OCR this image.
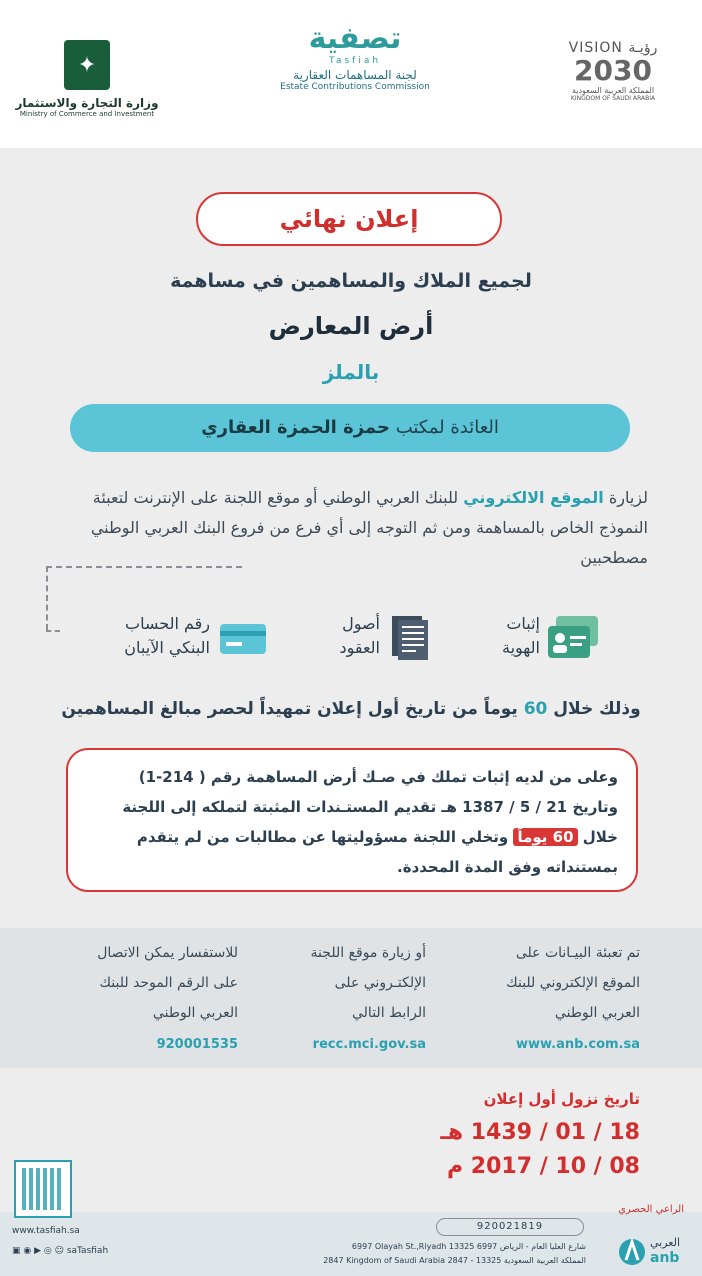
✦
وزارة التجارة والاستثمار
Ministry of Commerce and Investment
تصفية
Tasfiah
لجنة المساهمات العقارية
Estate Contributions Commission
VISION رؤيـة
2030
المملكة العربية السعودية
KINGDOM OF SAUDI ARABIA
إعلان نهائي
لجميع الملاك والمساهمين في مساهمة
أرض المعارض
بالملز
العائدة لمكتب حمزة الحمزة العقاري
لزيارة الموقع الالكتروني للبنك العربي الوطني أو موقع اللجنة على الإنترنت لتعبئة النموذج الخاص بالمساهمة ومن ثم التوجه إلى أي فرع من فروع البنك العربي الوطني مصطحبين
إثبات
الهوية
أصول
العقود
رقم الحساب
البنكي الآيبان
وذلك خلال 60 يوماً من تاريخ أول إعلان تمهيداً لحصر مبالغ المساهمين
وعلى من لديه إثبات تملك في صـك أرض المساهمة رقم ( 214-1)
وتاريخ 21 / 5 / 1387 هـ تقديم المستـندات المثبتة لتملكه إلى اللجنة
خلال 60 يوماً وتخلي اللجنة مسؤوليتها عن مطالبات من لم يتقدم
بمستنداته وفق المدة المحددة.
تم تعبئة البيـانات على
الموقع الإلكتروني للبنك
العربي الوطني
www.anb.com.sa
أو زيارة موقع اللجنة
الإلكتـروني على
الرابط التالي
recc.mci.gov.sa
للاستفسار يمكن الاتصال
على الرقم الموحد للبنك
العربي الوطني
920001535
تاريخ نزول أول إعلان
18 / 01 / 1439 هـ
08 / 10 / 2017 م
www.tasfiah.sa
▣ ◉ ▶ ◎ ☺ saTasfiah
920021819
6997 Olayah St.,Riyadh 13325 6997 شارع العليا العام - الرياض
2847 Kingdom of Saudi Arabia 2847 - 13325 المملكة العربية السعودية
الراعي الحصري
العربي
anb
